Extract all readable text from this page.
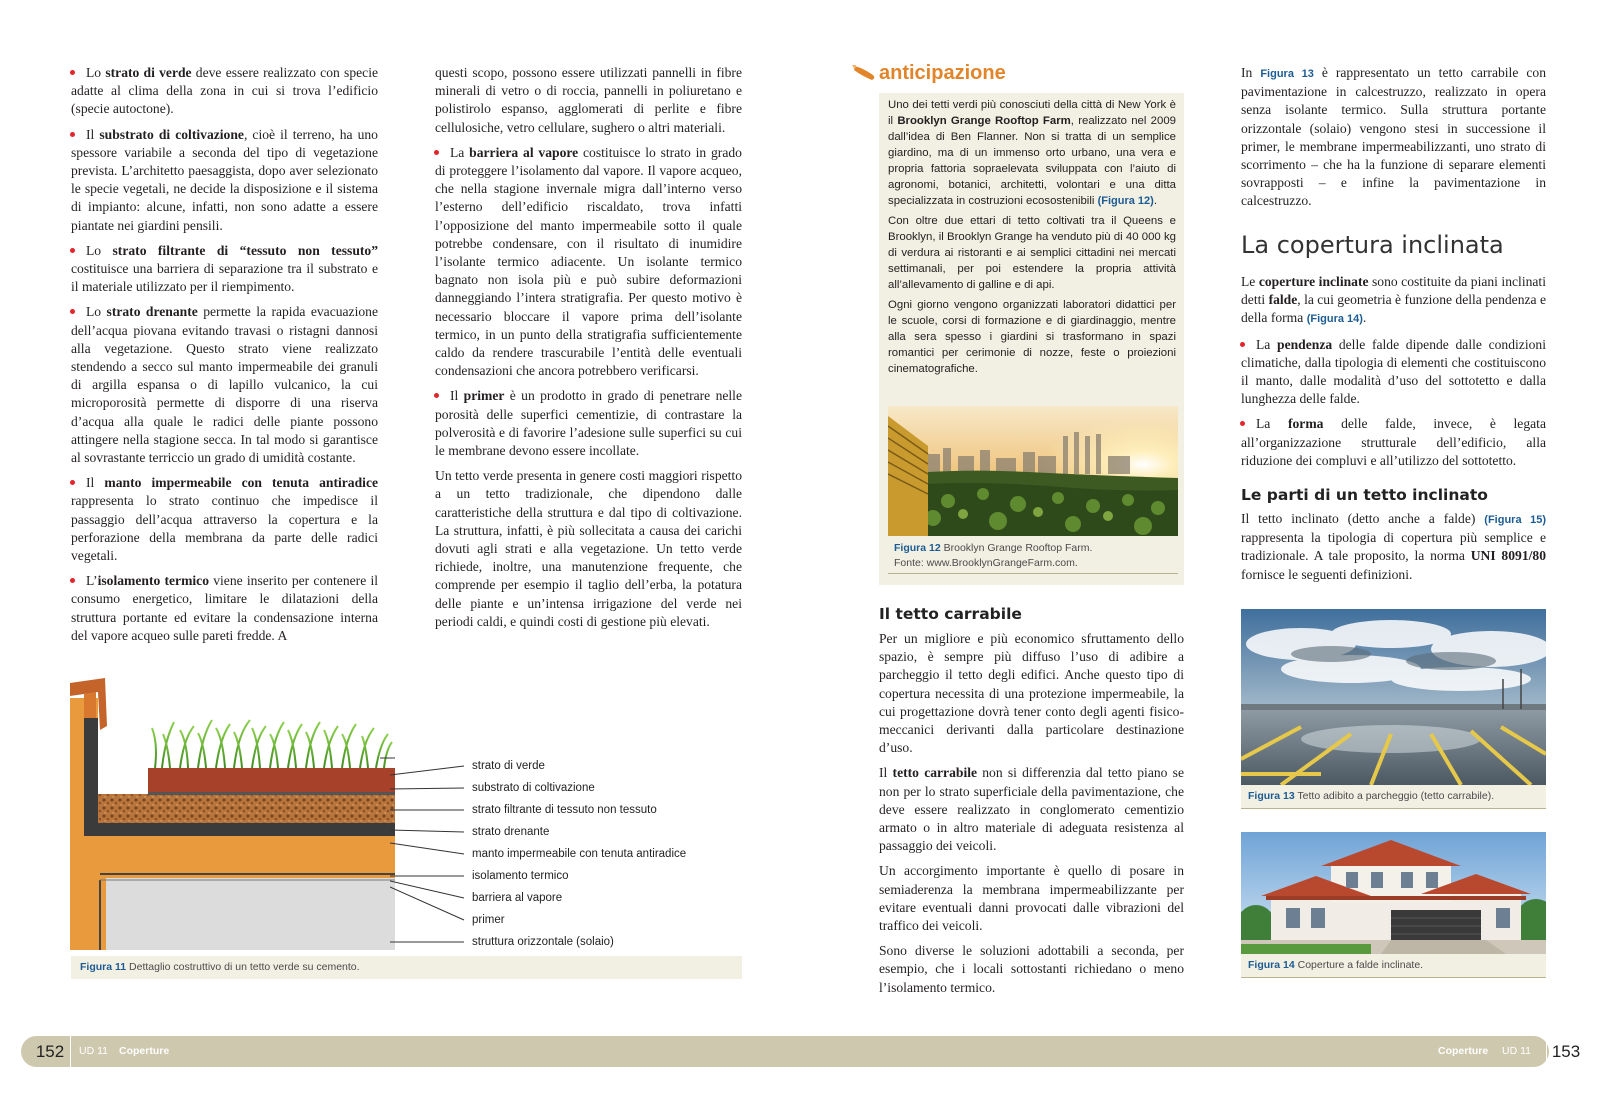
Lo strato di verde deve essere realizzato con specie adatte al clima della zona in cui si trova l’edificio (specie autoctone).

Il substrato di coltivazione, cioè il terreno, ha uno spessore variabile a seconda del tipo di vegetazione prevista. L’architetto paesaggista, dopo aver selezionato le specie vegetali, ne decide la disposizione e il sistema di impianto: alcune, infatti, non sono adatte a essere piantate nei giardini pensili.

Lo strato filtrante di “tessuto non tessuto” costituisce una barriera di separazione tra il substrato e il materiale utilizzato per il riempimento.

Lo strato drenante permette la rapida evacuazione dell’acqua piovana evitando travasi o ristagni dannosi alla vegetazione. Questo strato viene realizzato stendendo a secco sul manto impermeabile dei granuli di argilla espansa o di lapillo vulcanico, la cui microporosità permette di disporre di una riserva d’acqua alla quale le radici delle piante possono attingere nella stagione secca. In tal modo si garantisce al sovrastante terriccio un grado di umidità costante.

Il manto impermeabile con tenuta antiradice rappresenta lo strato continuo che impedisce il passaggio dell’acqua attraverso la copertura e la perforazione della membrana da parte delle radici vegetali.

L’isolamento termico viene inserito per contenere il consumo energetico, limitare le dilatazioni della struttura portante ed evitare la condensazione interna del vapore acqueo sulle pareti fredde. A

questi scopo, possono essere utilizzati pannelli in fibre minerali di vetro o di roccia, pannelli in poliuretano e polistirolo espanso, agglomerati di perlite e fibre cellulosiche, vetro cellulare, sughero o altri materiali.

La barriera al vapore costituisce lo strato in grado di proteggere l’isolamento dal vapore. Il vapore acqueo, che nella stagione invernale migra dall’interno verso l’esterno dell’edificio riscaldato, trova infatti l’opposizione del manto impermeabile sotto il quale potrebbe condensare, con il risultato di inumidire l’isolante termico adiacente. Un isolante termico bagnato non isola più e può subire deformazioni danneggiando l’intera stratigrafia. Per questo motivo è necessario bloccare il vapore prima dell’isolante termico, in un punto della stratigrafia sufficientemente caldo da rendere trascurabile l’entità delle eventuali condensazioni che ancora potrebbero verificarsi.

Il primer è un prodotto in grado di penetrare nelle porosità delle superfici cementizie, di contrastare la polverosità e di favorire l’adesione sulle superfici su cui le membrane devono essere incollate.

Un tetto verde presenta in genere costi maggiori rispetto a un tetto tradizionale, che dipendono dalle caratteristiche della struttura e dal tipo di coltivazione. La struttura, infatti, è più sollecitata a causa dei carichi dovuti agli strati e alla vegetazione. Un tetto verde richiede, inoltre, una manutenzione frequente, che comprende per esempio il taglio dell’erba, la potatura delle piante e un’intensa irrigazione del verde nei periodi caldi, e quindi costi di gestione più elevati.

strato di verde
substrato di coltivazione
strato filtrante di tessuto non tessuto
strato drenante
manto impermeabile con tenuta antiradice
isolamento termico
barriera al vapore
primer
struttura orizzontale (solaio)
Figura 11 Dettaglio costruttivo di un tetto verde su cemento.
anticipazione

Uno dei tetti verdi più conosciuti della città di New York è il Brooklyn Grange Rooftop Farm, realizzato nel 2009 dall’idea di Ben Flanner. Non si tratta di un semplice giardino, ma di un immenso orto urbano, una vera e propria fattoria sopraelevata sviluppata con l’aiuto di agronomi, botanici, architetti, volontari e una ditta specializzata in costruzioni ecosostenibili (Figura 12).

Con oltre due ettari di tetto coltivati tra il Queens e Brooklyn, il Brooklyn Grange ha venduto più di 40 000 kg di verdura ai ristoranti e ai semplici cittadini nei mercati settimanali, per poi estendere la propria attività all’allevamento di galline e di api.

Ogni giorno vengono organizzati laboratori didattici per le scuole, corsi di formazione e di giardinaggio, mentre alla sera spesso i giardini si trasformano in spazi romantici per cerimonie di nozze, feste o proiezioni cinematografiche.

Figura 12 Brooklyn Grange Rooftop Farm.
Fonte: www.BrooklynGrangeFarm.com.
Il tetto carrabile

Per un migliore e più economico sfruttamento dello spazio, è sempre più diffuso l’uso di adibire a parcheggio il tetto degli edifici. Anche questo tipo di copertura necessita di una protezione impermeabile, la cui progettazione dovrà tener conto degli agenti fisico-meccanici derivanti dalla particolare destinazione d’uso.

Il tetto carrabile non si differenzia dal tetto piano se non per lo strato superficiale della pavimentazione, che deve essere realizzato in conglomerato cementizio armato o in altro materiale di adeguata resistenza al passaggio dei veicoli.

Un accorgimento importante è quello di posare in semiaderenza la membrana impermeabilizzante per evitare eventuali danni provocati dalle vibrazioni del traffico dei veicoli.

Sono diverse le soluzioni adottabili a seconda, per esempio, che i locali sottostanti richiedano o meno l’isolamento termico.

In Figura 13 è rappresentato un tetto carrabile con pavimentazione in calcestruzzo, realizzato in opera senza isolante termico. Sulla struttura portante orizzontale (solaio) vengono stesi in successione il primer, le membrane impermeabilizzanti, uno strato di scorrimento – che ha la funzione di separare elementi sovrapposti – e infine la pavimentazione in calcestruzzo.

La copertura inclinata

Le coperture inclinate sono costituite da piani inclinati detti falde, la cui geometria è funzione della pendenza e della forma (Figura 14).

La pendenza delle falde dipende dalle condizioni climatiche, dalla tipologia di elementi che costituiscono il manto, dalle modalità d’uso del sottotetto e dalla lunghezza delle falde.

La forma delle falde, invece, è legata all’organizzazione strutturale dell’edificio, alla riduzione dei compluvi e all’utilizzo del sottotetto.

Le parti di un tetto inclinato

Il tetto inclinato (detto anche a falde) (Figura 15) rappresenta la tipologia di copertura più semplice e tradizionale. A tale proposito, la norma UNI 8091/80 fornisce le seguenti definizioni.

Figura 13 Tetto adibito a parcheggio (tetto carrabile).
Figura 14 Coperture a falde inclinate.
152	UD 11 Coperture	Coperture UD 11 153
